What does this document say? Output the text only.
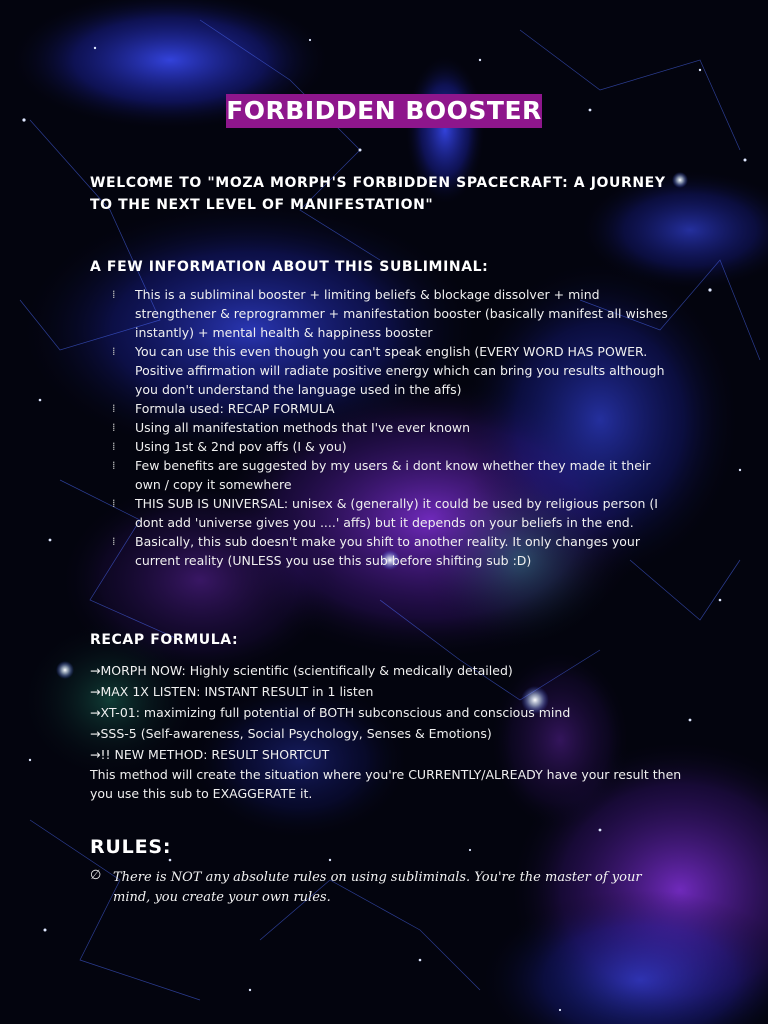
FORBIDDEN BOOSTER
WELCOME TO "MOZA MORPH'S FORBIDDEN SPACECRAFT: A JOURNEY TO THE NEXT LEVEL OF MANIFESTATION"
A FEW INFORMATION ABOUT THIS SUBLIMINAL:
⁞ This is a subliminal booster + limiting beliefs & blockage dissolver + mind strengthener & reprogrammer + manifestation booster (basically manifest all wishes instantly) + mental health & happiness booster
⁞ You can use this even though you can't speak english (EVERY WORD HAS POWER. Positive affirmation will radiate positive energy which can bring you results although you don't understand the language used in the affs)
⁞ Formula used: RECAP FORMULA
⁞ Using all manifestation methods that I've ever known
⁞ Using 1st & 2nd pov affs (I & you)
⁞ Few benefits are suggested by my users & i dont know whether they made it their own / copy it somewhere
⁞ THIS SUB IS UNIVERSAL: unisex & (generally) it could be used by religious person (I dont add 'universe gives you ....' affs) but it depends on your beliefs in the end.
⁞ Basically, this sub doesn't make you shift to another reality. It only changes your current reality (UNLESS you use this sub before shifting sub :D)
RECAP FORMULA:
→MORPH NOW: Highly scientific (scientifically & medically detailed)
→MAX 1X LISTEN: INSTANT RESULT in 1 listen
→XT-01: maximizing full potential of BOTH subconscious and conscious mind
→SSS-5 (Self-awareness, Social Psychology, Senses & Emotions)
→!! NEW METHOD: RESULT SHORTCUT
This method will create the situation where you're CURRENTLY/ALREADY have your result then you use this sub to EXAGGERATE it.
RULES:
∅ There is NOT any absolute rules on using subliminals. You're the master of your mind, you create your own rules.
